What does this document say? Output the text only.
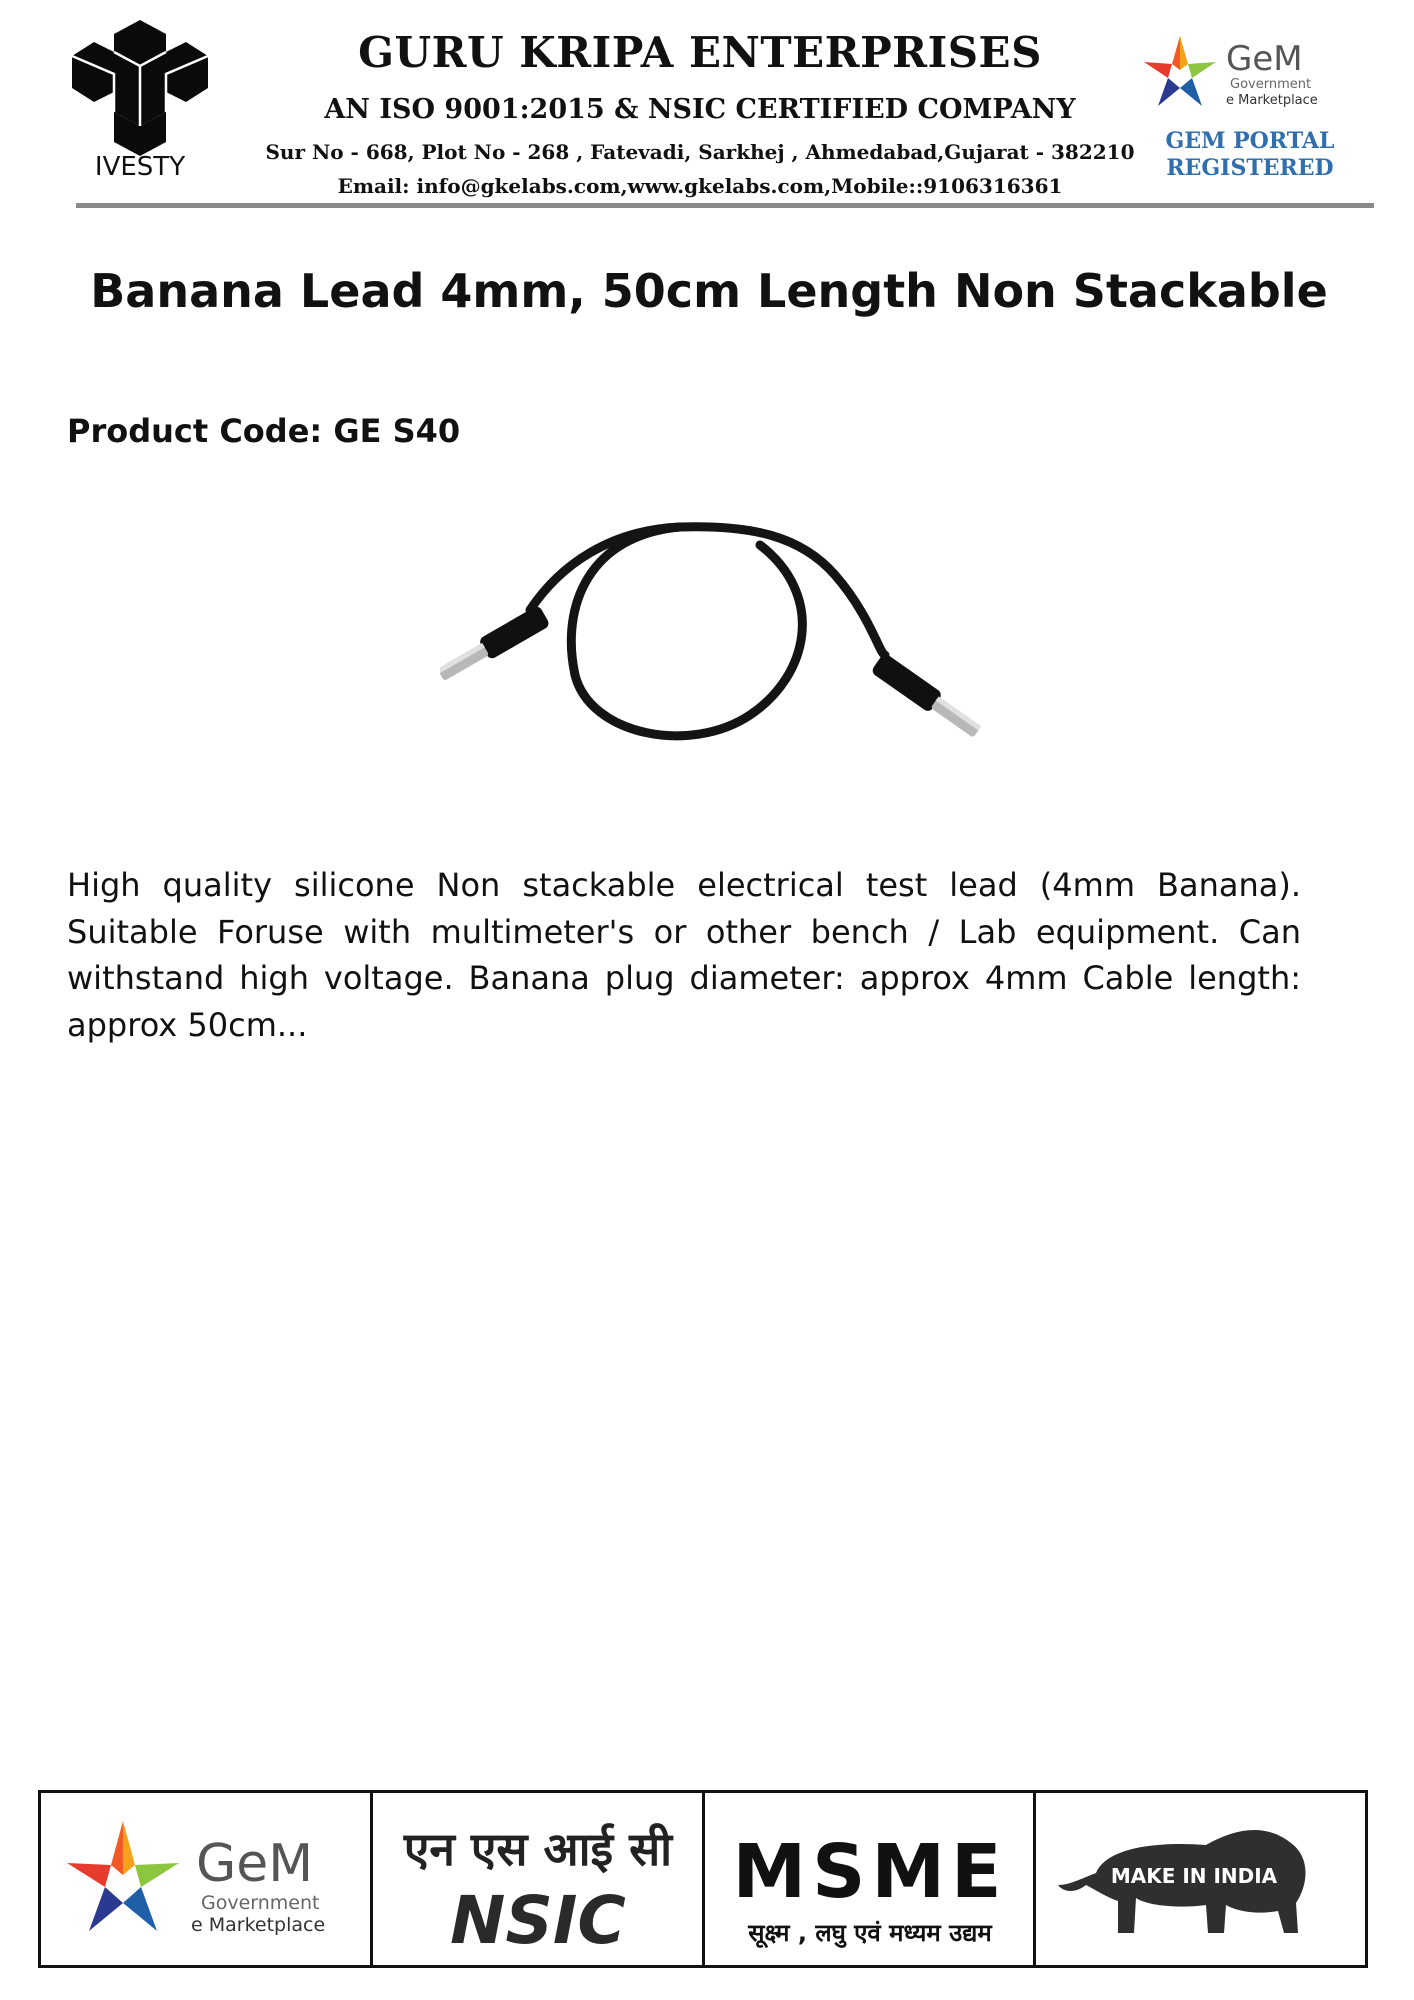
IVESTY
GURU KRIPA ENTERPRISES
AN ISO 9001:2015 & NSIC CERTIFIED COMPANY
Sur No - 668, Plot No - 268 , Fatevadi, Sarkhej , Ahmedabad,Gujarat - 382210
Email: info@gkelabs.com,www.gkelabs.com,Mobile::9106316361
GeM
Government
e Marketplace
GEM PORTAL
REGISTERED
Banana Lead 4mm, 50cm Length Non Stackable
Product Code: GE S40
High quality silicone Non stackable electrical test lead (4mm Banana). Suitable Foruse with multimeter's or other bench / Lab equipment. Can withstand high voltage. Banana plug diameter: approx 4mm Cable length: approx 50cm...
GeM
Government
e Marketplace
एन एस आई सी
NSIC
MSME
सूक्ष्म , लघु एवं मध्यम उद्यम
MAKE IN INDIA
